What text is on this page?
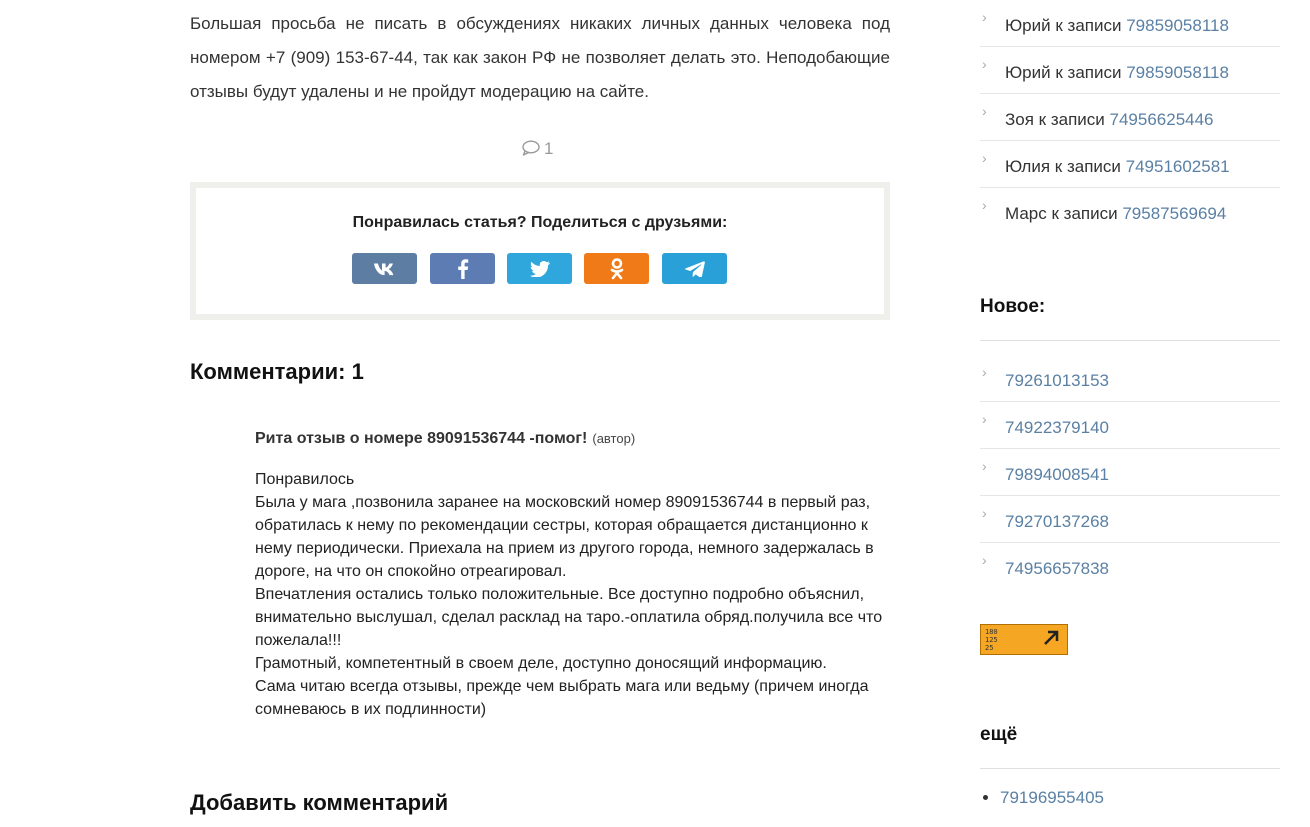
Большая просьба не писать в обсуждениях никаких личных данных человека под номером +7 (909) 153-67-44, так как закон РФ не позволяет делать это. Неподобающие отзывы будут удалены и не пройдут модерацию на сайте.

1
Понравилась статья? Поделиться с друзьями:
Комментарии: 1
Рита отзыв о номере 89091536744 -помог! (автор)
Понравилось
Была у мага ,позвонила заранее на московский номер 89091536744 в первый раз, обратилась к нему по рекомендации сестры, которая обращается дистанционно к нему периодически. Приехала на прием из другого города, немного задержалась в дороге, на что он спокойно отреагировал.
Впечатления остались только положительные. Все доступно подробно объяснил, внимательно выслушал, сделал расклад на таро.-оплатила обряд.получила все что пожелала!!!
Грамотный, компетентный в своем деле, доступно доносящий информацию.
Сама читаю всегда отзывы, прежде чем выбрать мага или ведьму (причем иногда сомневаюсь в их подлинности)
Добавить комментарий
› Юрий к записи 79859058118
› Юрий к записи 79859058118
› Зоя к записи 74956625446
› Юлия к записи 74951602581
› Марс к записи 79587569694
Новое:
› 79261013153
› 74922379140
› 79894008541
› 79270137268
› 74956657838
180
125
25
ещё
• 79196955405
